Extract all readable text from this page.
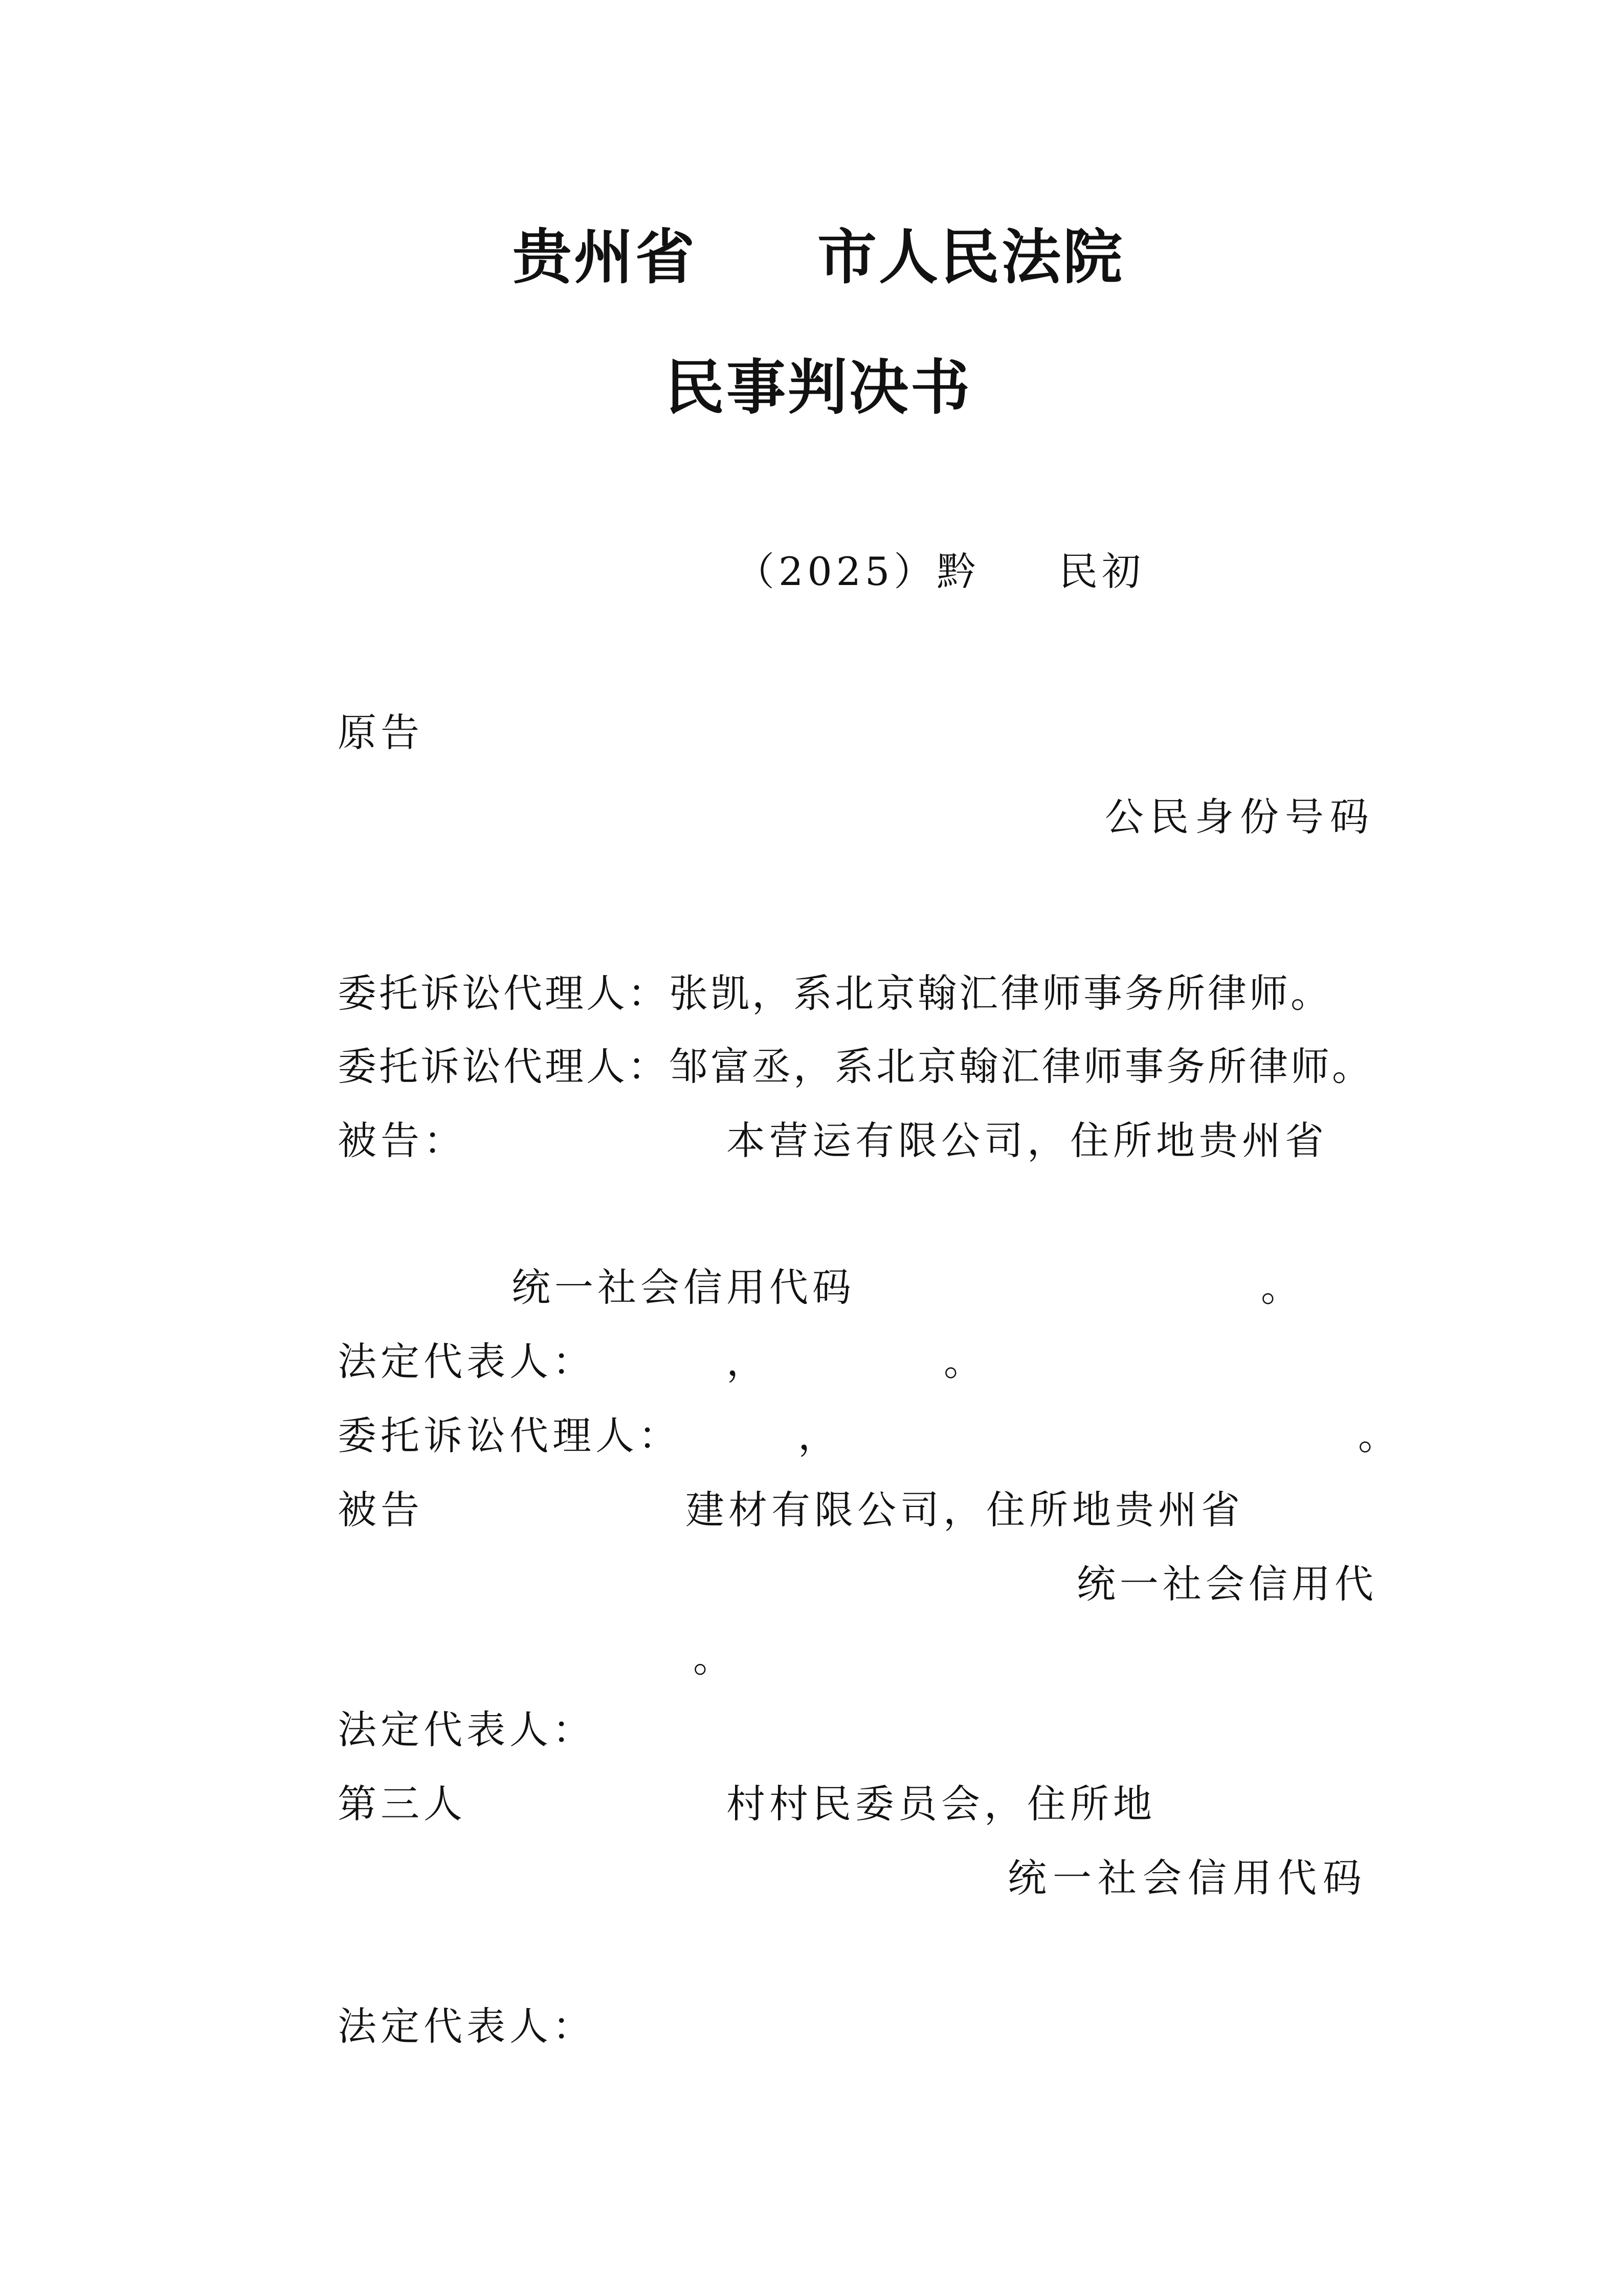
贵州省 市人民法院
民事判决书
（2025）黔 民初
原告
公民身份号码
委托诉讼代理人：张凯，系北京翰汇律师事务所律师。
委托诉讼代理人：邹富丞，系北京翰汇律师事务所律师。
被告：	本营运有限公司，住所地贵州省
统一社会信用代码	。
法定代表人：	，	。
委托诉讼代理人：	，	。
被告	建材有限公司，住所地贵州省
统一社会信用代
。
法定代表人：
第三人	村村民委员会，住所地
统一社会信用代码
法定代表人：
